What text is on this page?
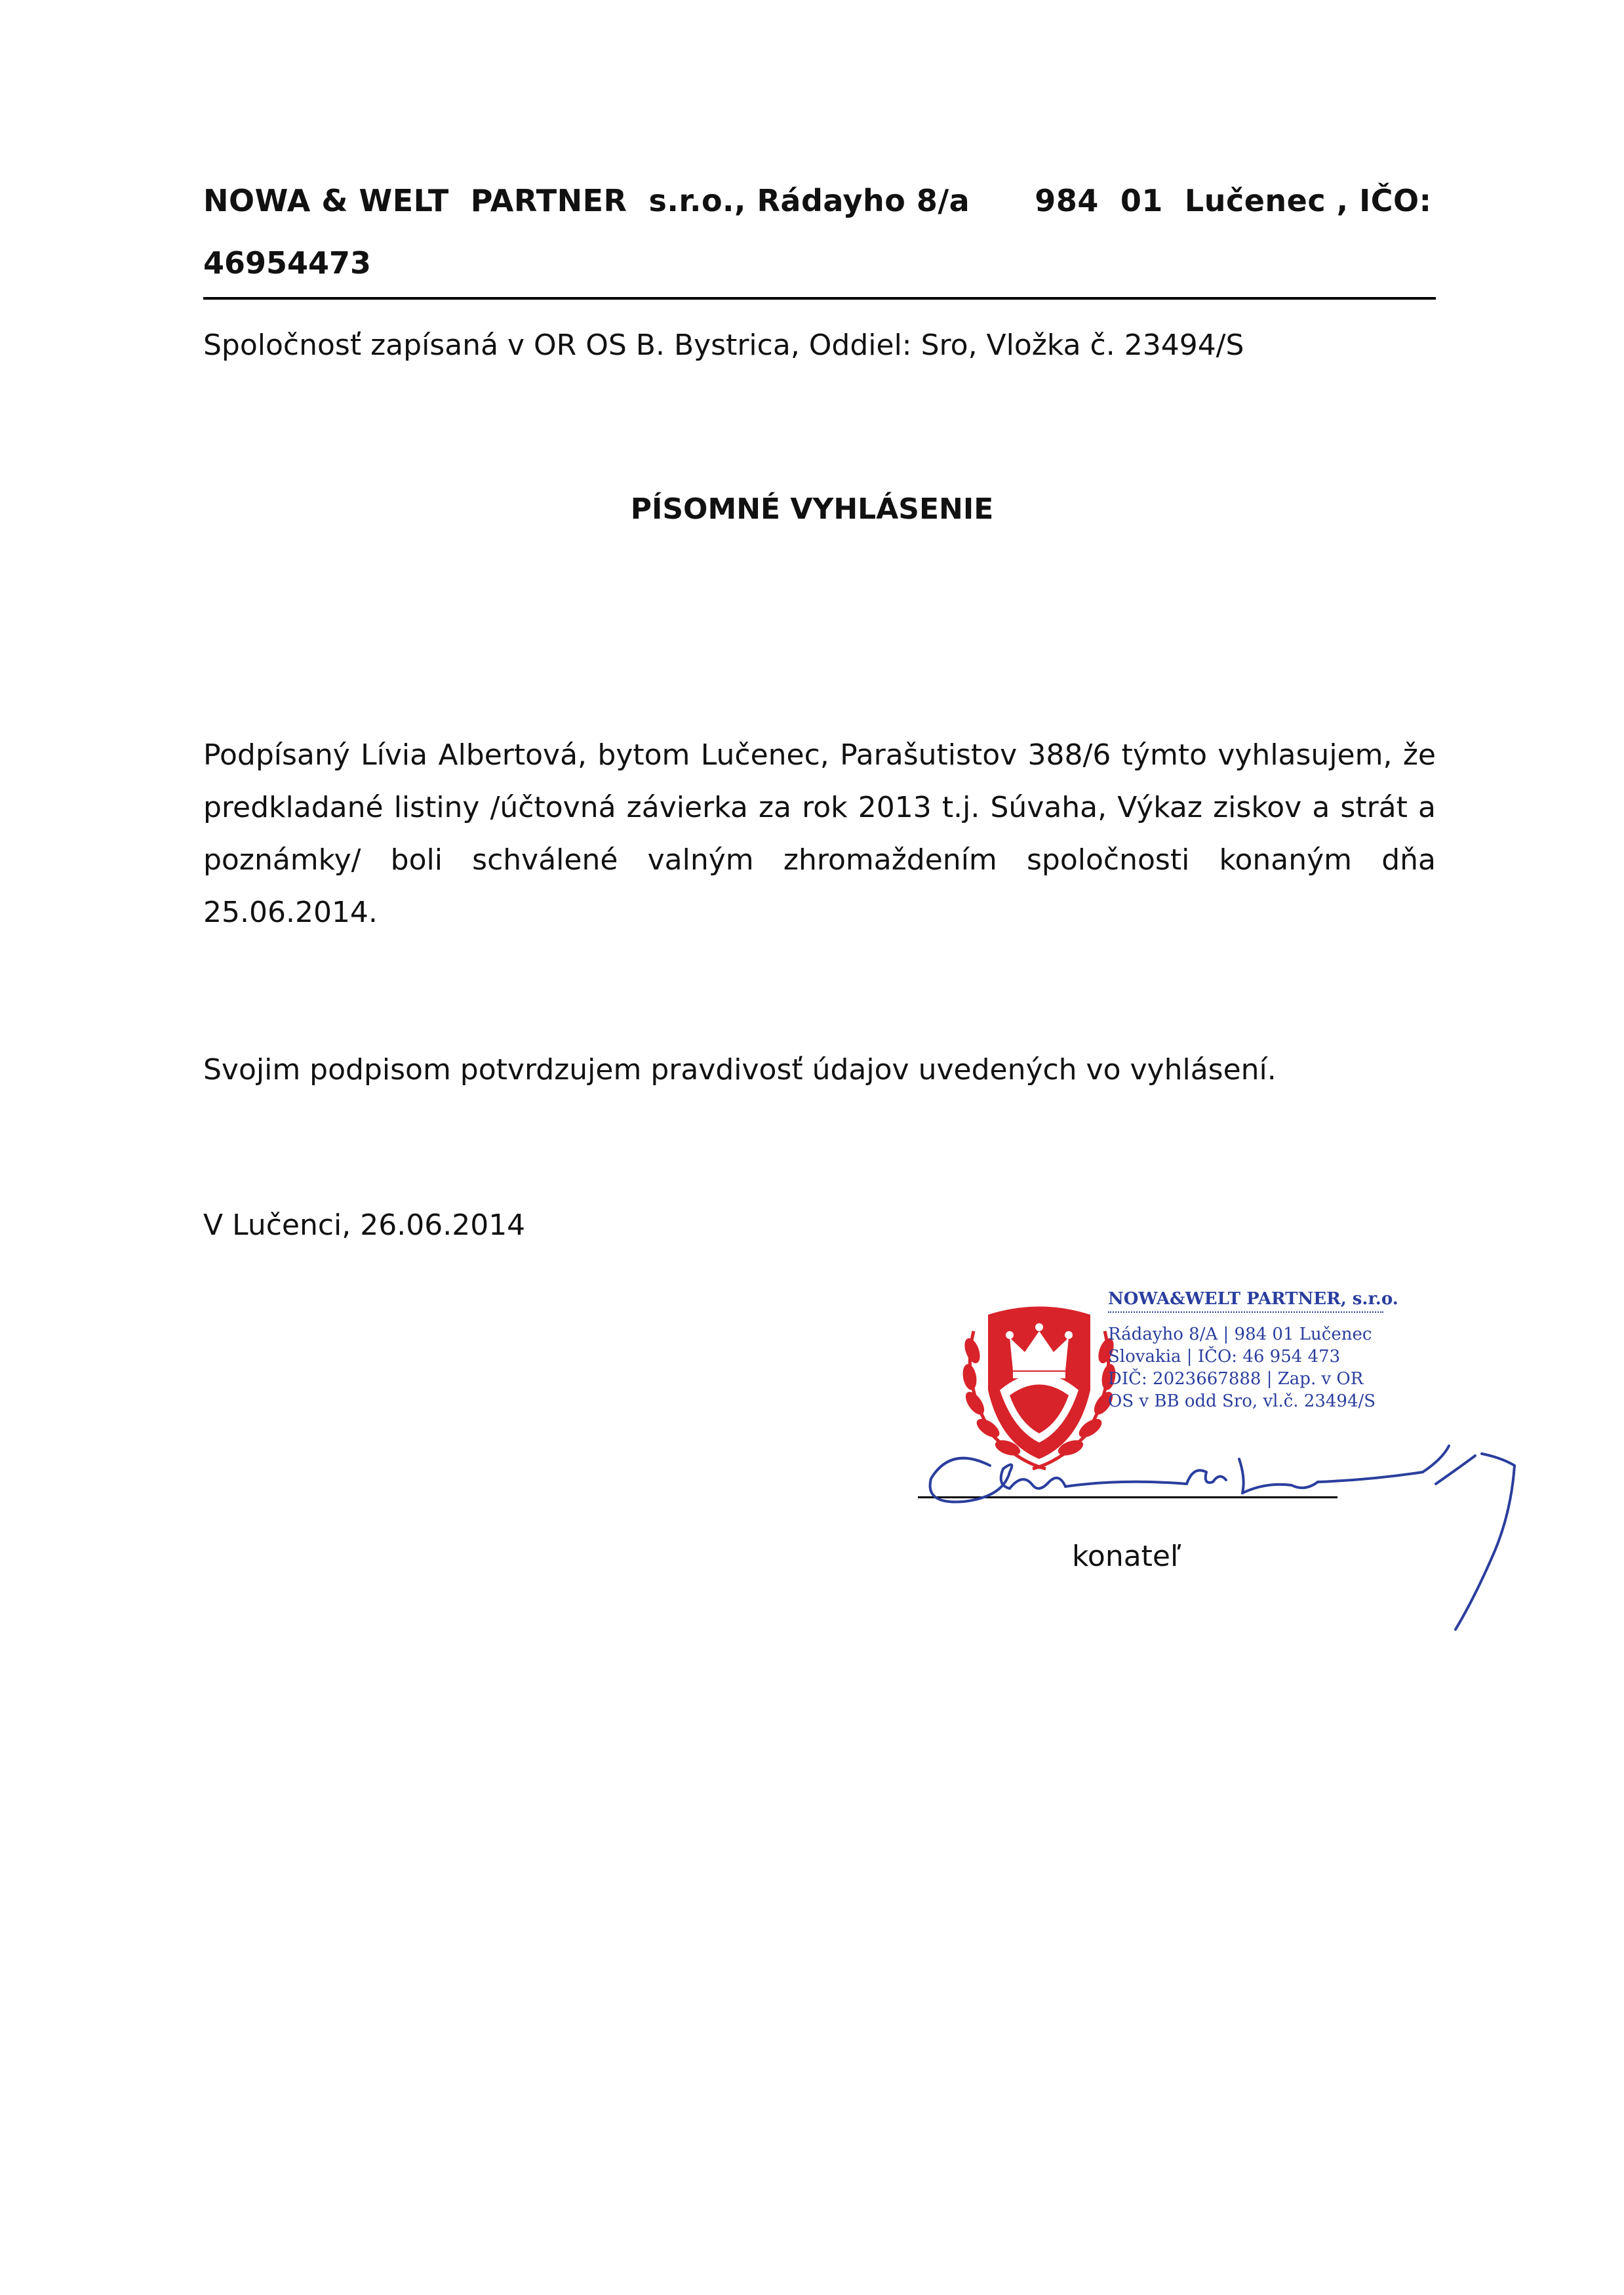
NOWA & WELT  PARTNER  s.r.o., Rádayho 8/a      984  01  Lučenec , IČO:
46954473
Spoločnosť zapísaná v OR OS B. Bystrica, Oddiel: Sro, Vložka č. 23494/S
PÍSOMNÉ VYHLÁSENIE
Podpísaný Lívia Albertová, bytom Lučenec, Parašutistov 388/6 týmto vyhlasujem, že predkladané listiny /účtovná závierka za rok 2013 t.j. Súvaha, Výkaz ziskov a strát a poznámky/ boli schválené valným zhromaždením spoločnosti konaným dňa 25.06.2014.
Svojim podpisom potvrdzujem pravdivosť údajov uvedených vo vyhlásení.
V Lučenci, 26.06.2014
NOWA&WELT PARTNER, s.r.o.
Rádayho 8/A | 984 01 Lučenec
Slovakia | IČO: 46 954 473
DIČ: 2023667888 | Zap. v OR
OS v BB odd Sro, vl.č. 23494/S
konateľ
